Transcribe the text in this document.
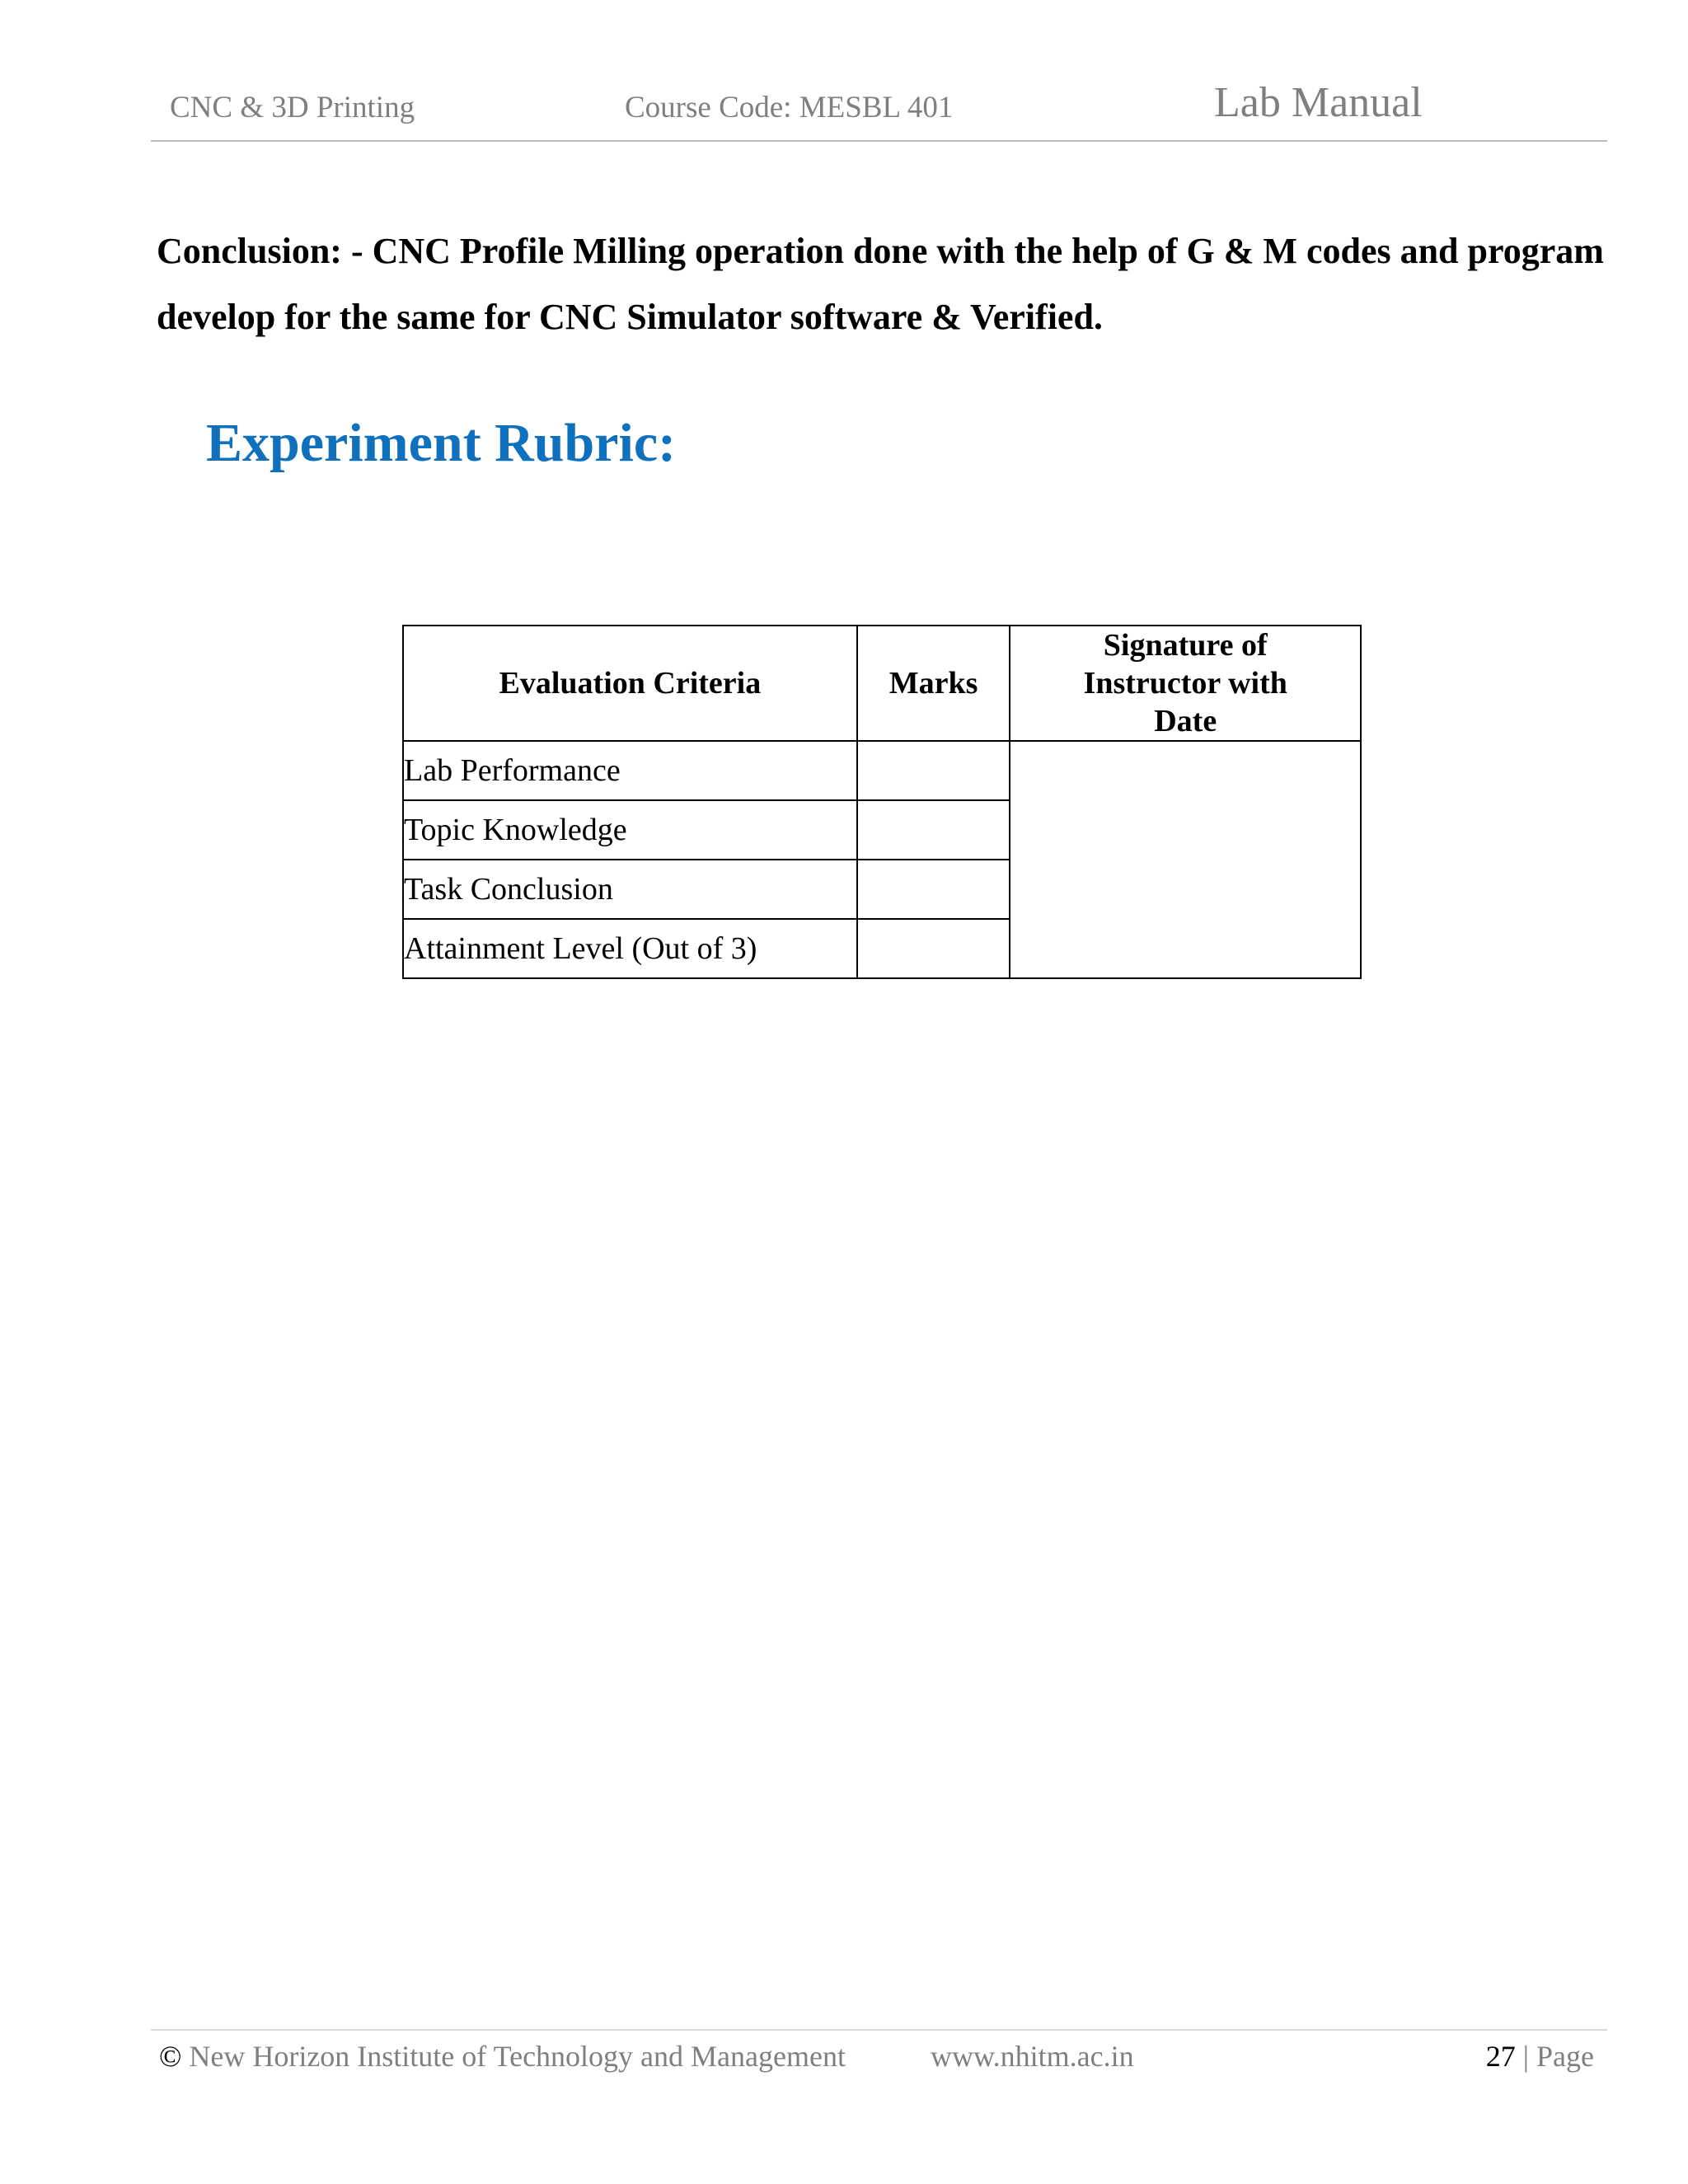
CNC & 3D Printing	Course Code: MESBL 401	Lab Manual
Conclusion: - CNC Profile Milling operation done with the help of G & M codes and program develop for the same for CNC Simulator software & Verified.
Experiment Rubric:
Evaluation Criteria	Marks	Signature of Instructor with Date
Lab Performance		
Topic Knowledge		
Task Conclusion		
Attainment Level (Out of 3)		
© New Horizon Institute of Technology and Management	www.nhitm.ac.in	27 | Page
